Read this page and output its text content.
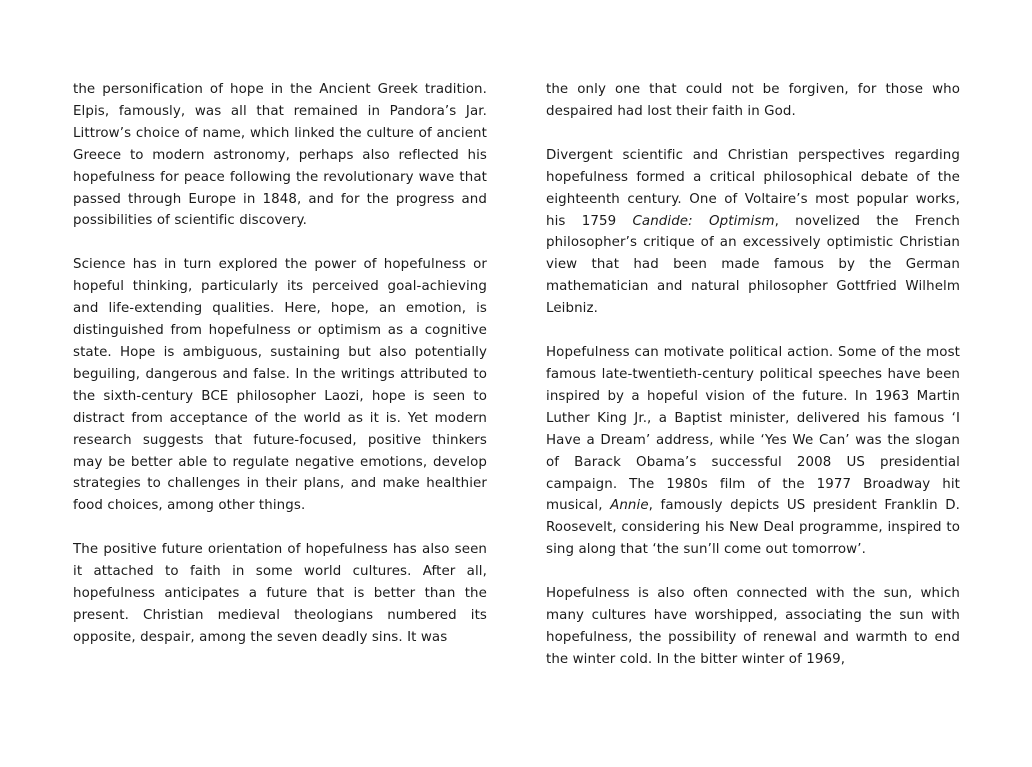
the personification of hope in the Ancient Greek tradition. Elpis, famously, was all that remained in Pandora’s Jar. Littrow’s choice of name, which linked the culture of ancient Greece to modern astronomy, perhaps also reflected his hopefulness for peace following the revolutionary wave that passed through Europe in 1848, and for the progress and possibilities of scientific discovery.

Science has in turn explored the power of hopefulness or hopeful thinking, particularly its perceived goal-achieving and life-extending qualities. Here, hope, an emotion, is distinguished from hopefulness or optimism as a cognitive state. Hope is ambiguous, sustaining but also potentially beguiling, dangerous and false. In the writings attributed to the sixth-century BCE philosopher Laozi, hope is seen to distract from acceptance of the world as it is. Yet modern research suggests that future-focused, positive thinkers may be better able to regulate negative emotions, develop strategies to challenges in their plans, and make healthier food choices, among other things.

The positive future orientation of hopefulness has also seen it attached to faith in some world cultures. After all, hopefulness anticipates a future that is better than the present. Christian medieval theologians numbered its opposite, despair, among the seven deadly sins. It was

the only one that could not be forgiven, for those who despaired had lost their faith in God.

Divergent scientific and Christian perspectives regarding hopefulness formed a critical philosophical debate of the eighteenth century. One of Voltaire’s most popular works, his 1759 Candide: Optimism, novelized the French philosopher’s critique of an excessively optimistic Christian view that had been made famous by the German mathematician and natural philosopher Gottfried Wilhelm Leibniz.

Hopefulness can motivate political action. Some of the most famous late-twentieth-century political speeches have been inspired by a hopeful vision of the future. In 1963 Martin Luther King Jr., a Baptist minister, delivered his famous ‘I Have a Dream’ address, while ‘Yes We Can’ was the slogan of Barack Obama’s successful 2008 US presidential campaign. The 1980s film of the 1977 Broadway hit musical, Annie, famously depicts US president Franklin D. Roosevelt, considering his New Deal programme, inspired to sing along that ‘the sun’ll come out tomorrow’.

Hopefulness is also often connected with the sun, which many cultures have worshipped, associating the sun with hopefulness, the possibility of renewal and warmth to end the winter cold. In the bitter winter of 1969,
